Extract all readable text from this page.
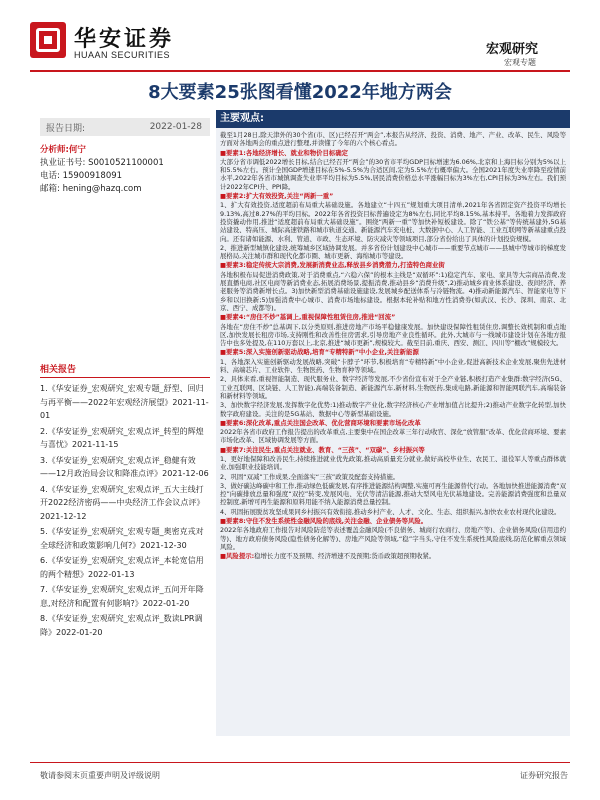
华安证券
HUAAN SECURITIES	宏观研究
宏观专题
8大要素25张图看懂2022年地方两会
报告日期:	2022-01-28
分析师:何宁
执业证书号: S0010521100001
电话: 15900918091
邮箱: hening@hazq.com
相关报告
1.《华安证券_宏观研究_宏观专题_舒型、回归与再平衡——2022年宏观经济展望》2021-11-01
2.《华安证券_宏观研究_宏观点评_转型的辉煌与喜忧》2021-11-15
3.《华安证券_宏观研究_宏观点评_稳健有效——12月政治局会议和降准点评》2021-12-06
4.《华安证券_宏观研究_宏观点评_五大主线打开2022经济密码——中央经济工作会议点评》2021-12-12
5.《华安证券_宏观研究_宏观专题_奥密克戎对全球经济和政策影响几何?》2021-12-30
6.《华安证券_宏观研究_宏观点评_本轮宽信用的两个精想》2022-01-13
7.《华安证券_宏观研究_宏观点评_五问开年降息,对经济和配置有何影响?》2022-01-20
8.《华安证券_宏观研究_宏观点评_数读LPR调降》2022-01-20
主要观点:
截至1月28日,除天津外的30个省(市、区)已经召开“两会”,本报告从经济、投资、消费、地产、产业、改革、民生、风险等方面对各地两会的重点进行整理,并读懂了今年的六个核心看点。
■要素1:各地经济增长、就业和物价目标确定
大部分省市调低2022增长目标,结合已经召开“两会”的30省市平均GDP目标增速为6.06%,北京和上海目标分别为5%以上和5.5%左右。预计全国GDP增速目标在5%-5.5%为合适区间,定为5.5%左右概率偏大。全国2021年度失业率降至疫情前水平,2022年各省市城镇调查失业率平均目标为5.5%,居民消费价格总水平涨幅目标为3%左右,CPI目标为3%左右。我们预计2022年CPI升、PPI降。
■要素2:扩大有效投资,关注“两新一重”
1、扩大有效投资,适度超前布局重大基础设施。各地建立“十四五”规划重大项目清单,2021年各省固定资产投资平均增长9.13%,高过8.27%的平均目标。2022年各省投资目标普遍设定为8%左右,同比平均8.15%,基本持平。各地着力发挥政府投资撬动作用,推进“适度超前布局重大基础设施”。围绕“两新一重”等加快补短板建设。除了“铁公基”等传统基建外,5G基站建设、特高压、城际高速铁路和城市轨道交通、新能源汽车充电桩、大数据中心、人工智能、工业互联网等新基建重点投向。还有诸如能源、水利、管道、市政、生态环境、防灾减灾等领域项目,部分省份给出了具体的计划投资规模。
2、推进新型城镇化建设,统筹城乡区域协调发展。并多省份计划建设中心城市——重要节点城市——县城中等城市的梯度发展格局,关注城市群和现代化都市圈、城市更新、海绵城市等建设。
■要素3:稳定传统大宗消费,发展新消费业态,释放县乡消费潜力,打造特色商业街
各地积极布局促进消费政策,对于消费重点,“六稳六保”的根本主线是“双循环”:1)稳定汽车、家电、家具等大宗商品消费,发展直播电商,社区电商等新消费业态,拓展消费场景,提振消费,推动县乡“消费升级”,2)推动城乡商业体系建设、夜间经济、养老服务等消费新增长点。3)加快新型消费基础设施建设,发展城乡配送体系与冷链物流。4)推动新能源汽车、智能家电等下乡和以旧换新;5)加强消费中心城市、消费市场地标建设。根据本轮补贴和地方性消费券(如武汉、长沙、深圳、南京、北京、西宁、成都等)。
■要素4:“房住不炒”基调上,重视保障性租赁住房,推进“回流”
各地在“房住不炒”总基调下,以分类原则,推进房地产市场平稳健康发展。加快建设保障性租赁住房,调整长效机制和重点地区,加快发展长租房市场,支持刚性和改善性住房需求,引导房地产业良性循环。此外,大城市与一线城市建设计划在各地方报告中也多处提及,在110万套以上,北京,推进“城市更新”,规模较大。截至目前,重庆、西安、测江、四川等“棚改”规模较大。
■要素5:深入实施创新驱动战略,培育“专精特新”中小企业,关注新能源
1、各地深入实施创新驱动发展战略,突破“卡脖子”环节,积极培育“专精特新”中小企业,促进高新技术企业发展,聚焦先进材料、高端芯片、工业软件、生物医药、生物育种等领域。
2、具体来看,重视智能制造、现代服务业、数字经济等发展,不少省份宣布对于全产业链,积极打造产业集群:数字经济(5G、工业互联网、区块链、人工智能),高端装备制造、新能源汽车,新材料,生物医药,集成电路,新能源和智能网联汽车,高端装备和新材料等领域。
3、加快数字经济发展,发挥数字化优势:1)推动数字产业化,数字经济核心产业增加值占比提升;2)推动产业数字化转型,加快数字政府建设。关注的是5G基站、数据中心等新型基础设施。
■要素6:深化改革,重点关注国企改革、优化营商环境和要素市场化改革
2022年各省市政府工作报告提出的改革重点,主要集中在国企改革三年行动收官、深化“放管服”改革、优化营商环境、要素市场化改革、区域协调发展等方面。
■要素7:关注民生,重点关注就业、教育、“三孩”、“双碳”、乡村振兴等
1、更好地保障和改善民生,持续推进就业优先政策,推动高质量充分就业,做好高校毕业生、农民工、退役军人等重点群体就业,加强职业技能培训。
2、巩固“双减”工作成果,全面落实“三孩”政策及配套支持措施。
3、做好碳达峰碳中和工作,推动绿色低碳发展,有序推进能源结构调整,实施可再生能源替代行动。各地加快推进能源消费“双控”向碳排放总量和强度“双控”转变,发展风电、光伏等清洁能源,推动大型风电光伏基地建设。完善能源消费强度和总量双控制度,新增可再生能源和原料用能不纳入能源消费总量控制。
4、巩固拓展脱贫攻坚成果同乡村振兴有效衔接,推动乡村产业、人才、文化、生态、组织振兴,加快农业农村现代化建设。
■要素8:守住不发生系统性金融风险的底线,关注金融、企业债务等风险。
2022年各地政府工作报告对风险防范等表述覆盖金融风险(不良债务、城商行农商行、房地产等)、企业债务风险(信用违约等)、地方政府债务风险(隐性债务化解等)、房地产风险等领域,“稳”字当头,守住不发生系统性风险底线,防范化解重点领域风险。
■风险提示:稳增长力度不及预期、经济增速不及预期;货币政策超预期收紧。
敬请参阅末页重要声明及评级说明	证券研究报告
